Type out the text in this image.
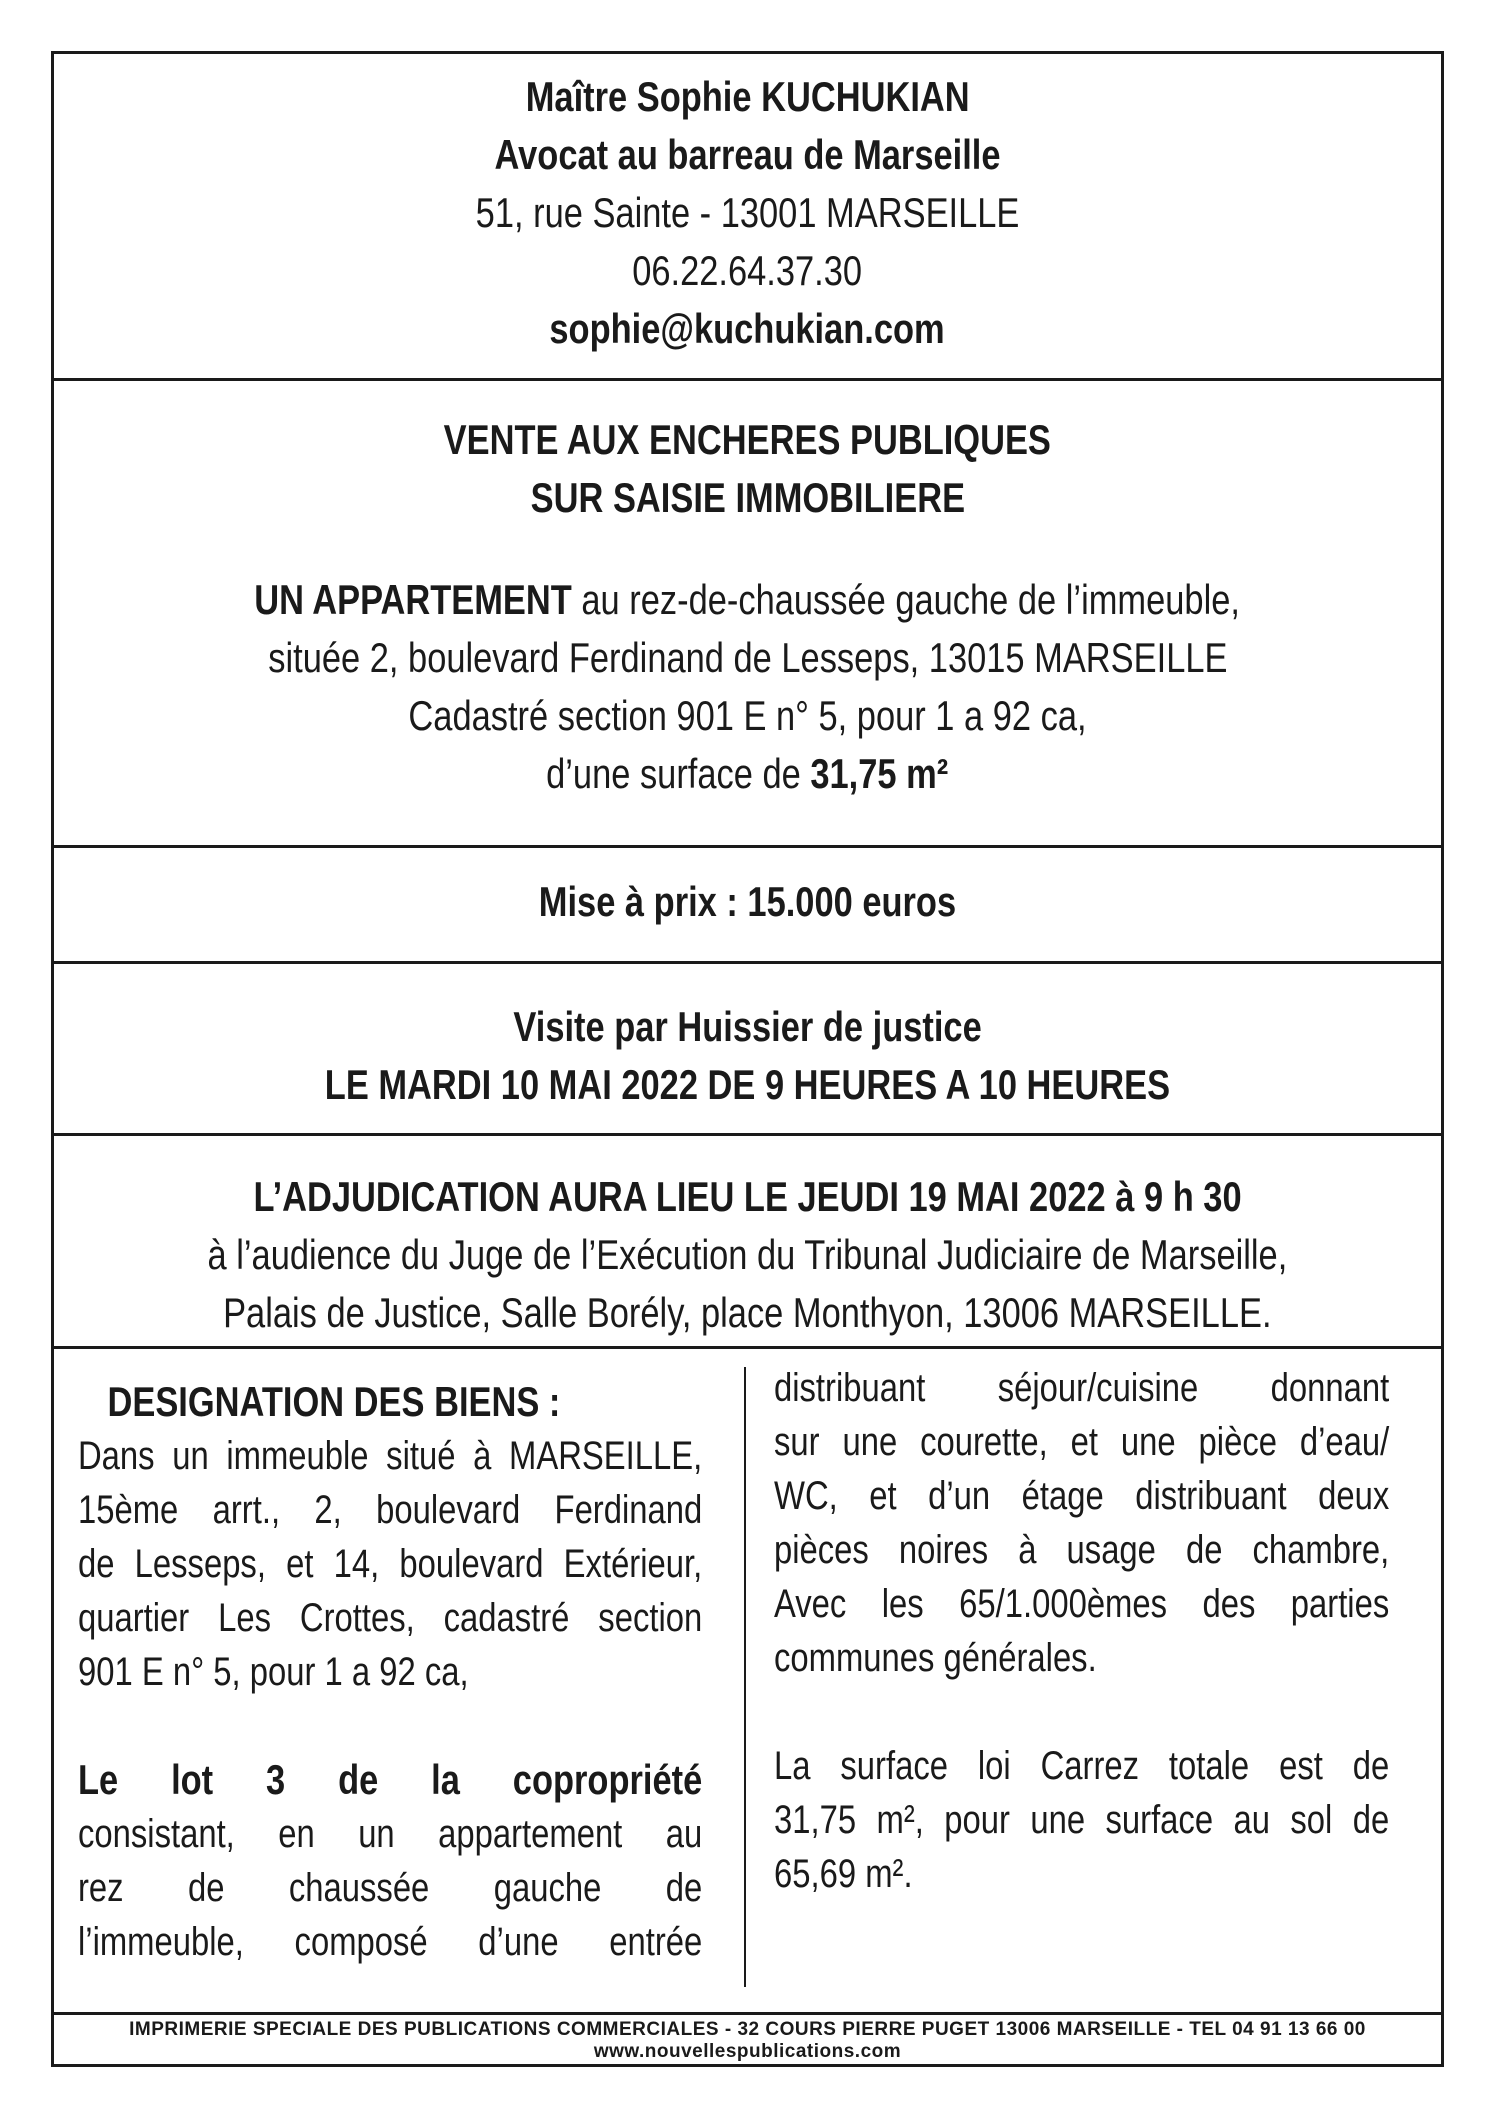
Maître Sophie KUCHUKIAN
Avocat au barreau de Marseille
51, rue Sainte - 13001 MARSEILLE
06.22.64.37.30
sophie@kuchukian.com
VENTE AUX ENCHERES PUBLIQUES
SUR SAISIE IMMOBILIERE
UN APPARTEMENT au rez-de-chaussée gauche de l’immeuble,
située 2, boulevard Ferdinand de Lesseps, 13015 MARSEILLE
Cadastré section 901 E n° 5, pour 1 a 92 ca,
d’une surface de 31,75 m²
Mise à prix : 15.000 euros
Visite par Huissier de justice
LE MARDI 10 MAI 2022 DE 9 HEURES A 10 HEURES
L’ADJUDICATION AURA LIEU LE JEUDI 19 MAI 2022 à 9 h 30
à l’audience du Juge de l’Exécution du Tribunal Judiciaire de Marseille,
Palais de Justice, Salle Borély, place Monthyon, 13006 MARSEILLE.
DESIGNATION DES BIENS :
Dans un immeuble situé à MARSEILLE,
15ème arrt., 2, boulevard Ferdinand
de Lesseps, et 14, boulevard Extérieur,
quartier Les Crottes, cadastré section
901 E n° 5, pour 1 a 92 ca,
Le lot 3 de la copropriété
consistant, en un appartement au
rez de chaussée gauche de
l’immeuble, composé d’une entrée
distribuant séjour/cuisine donnant
sur une courette, et une pièce d’eau/
WC, et d’un étage distribuant deux
pièces noires à usage de chambre,
Avec les 65/1.000èmes des parties
communes générales.
La surface loi Carrez totale est de
31,75 m², pour une surface au sol de
65,69 m².
IMPRIMERIE SPECIALE DES PUBLICATIONS COMMERCIALES - 32 COURS PIERRE PUGET 13006 MARSEILLE - TEL 04 91 13 66 00
www.nouvellespublications.com
